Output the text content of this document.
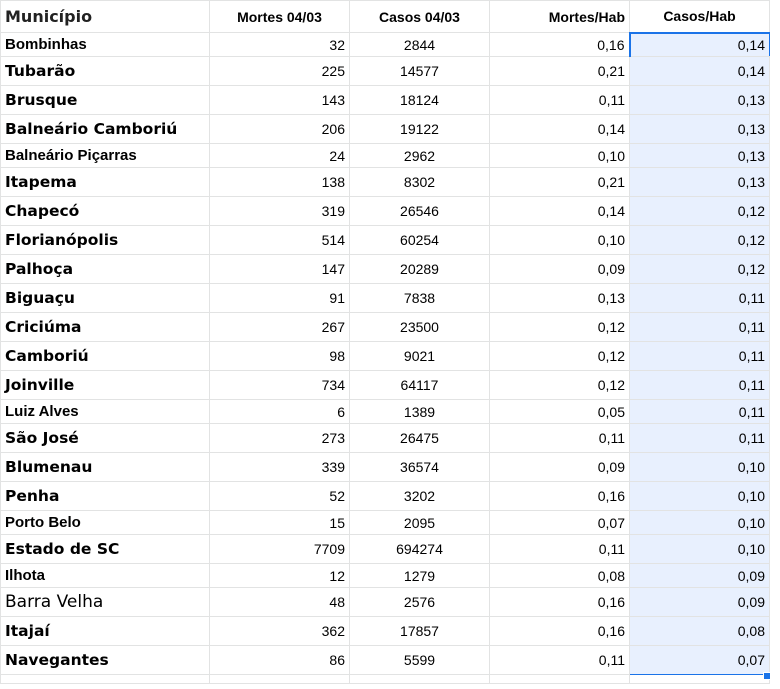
Município	Mortes 04/03	Casos 04/03	Mortes/Hab	Casos/Hab
Bombinhas	32	2844	0,16	0,14
Tubarão	225	14577	0,21	0,14
Brusque	143	18124	0,11	0,13
Balneário Camboriú	206	19122	0,14	0,13
Balneário Piçarras	24	2962	0,10	0,13
Itapema	138	8302	0,21	0,13
Chapecó	319	26546	0,14	0,12
Florianópolis	514	60254	0,10	0,12
Palhoça	147	20289	0,09	0,12
Biguaçu	91	7838	0,13	0,11
Criciúma	267	23500	0,12	0,11
Camboriú	98	9021	0,12	0,11
Joinville	734	64117	0,12	0,11
Luiz Alves	6	1389	0,05	0,11
São José	273	26475	0,11	0,11
Blumenau	339	36574	0,09	0,10
Penha	52	3202	0,16	0,10
Porto Belo	15	2095	0,07	0,10
Estado de SC	7709	694274	0,11	0,10
Ilhota	12	1279	0,08	0,09
Barra Velha	48	2576	0,16	0,09
Itajaí	362	17857	0,16	0,08
Navegantes	86	5599	0,11	0,07
